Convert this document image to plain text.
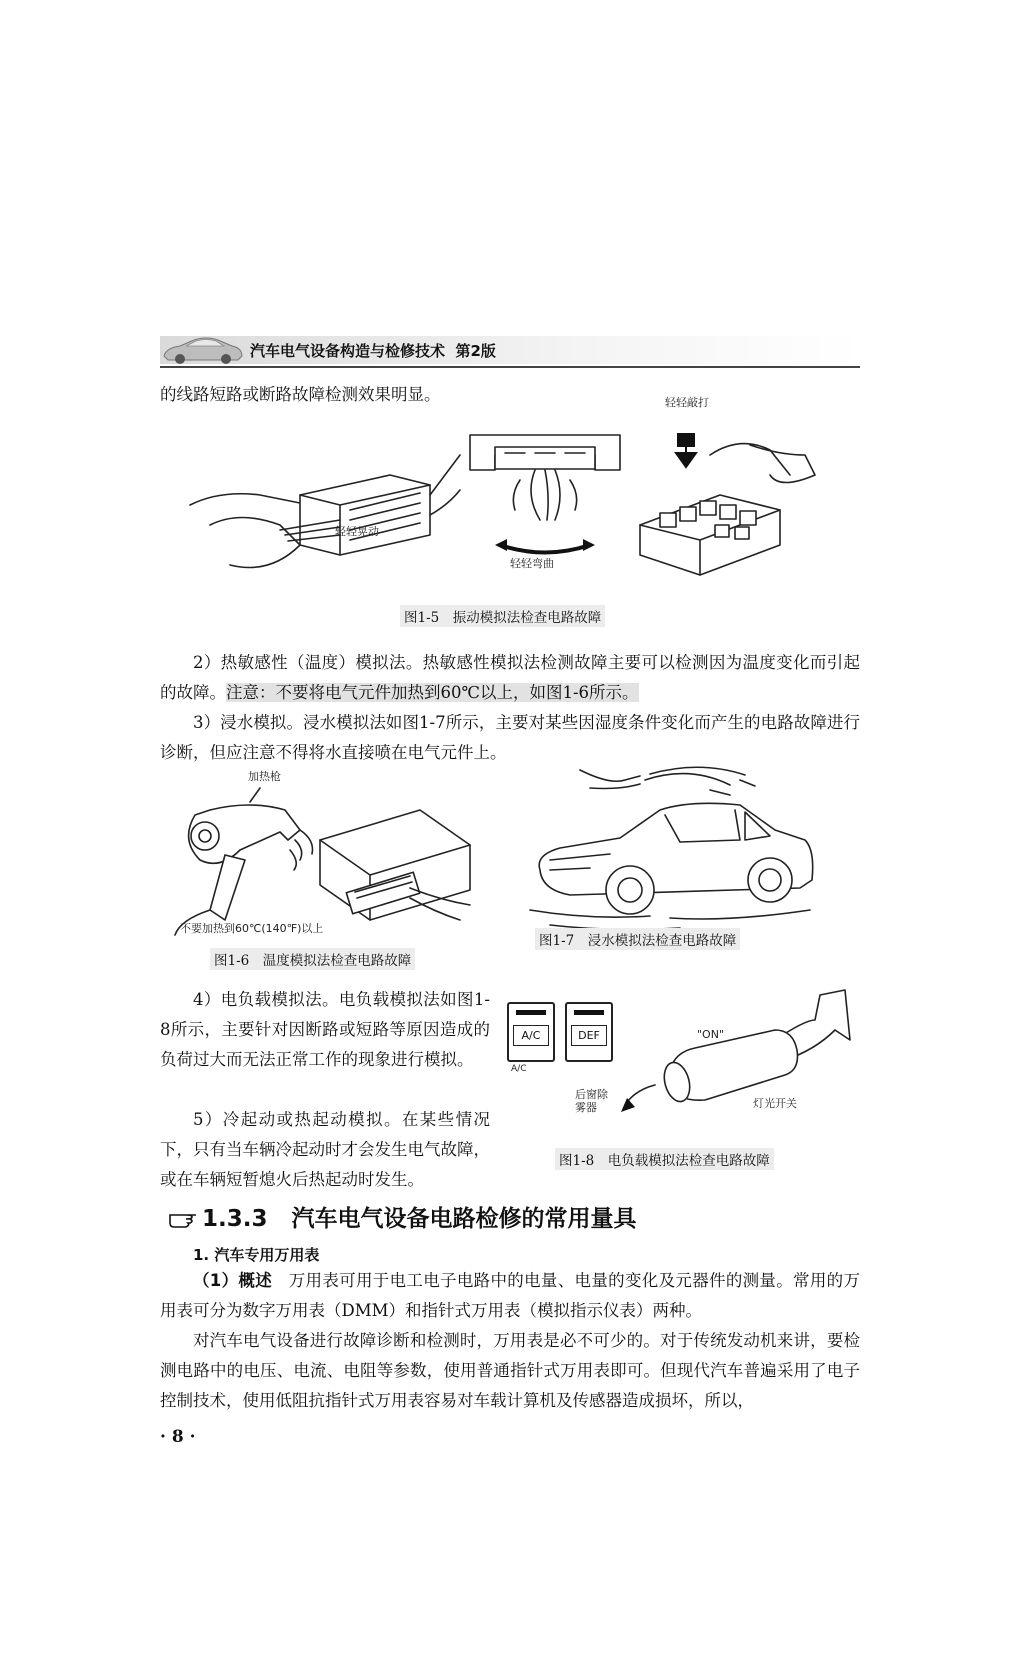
汽车电气设备构造与检修技术 第2版
的线路短路或断路故障检测效果明显。
轻轻晃动
轻轻弯曲
轻轻敲打
图1-5　振动模拟法检查电路故障
2）热敏感性（温度）模拟法。热敏感性模拟法检测故障主要可以检测因为温度变化而引起的故障。注意：不要将电气元件加热到60℃以上，如图1-6所示。
3）浸水模拟。浸水模拟法如图1-7所示，主要对某些因湿度条件变化而产生的电路故障进行诊断，但应注意不得将水直接喷在电气元件上。
加热枪
不要加热到60℃(140℉)以上
图1-6　温度模拟法检查电路故障
图1-7　浸水模拟法检查电路故障
4）电负载模拟法。电负载模拟法如图1-8所示，主要针对因断路或短路等原因造成的负荷过大而无法正常工作的现象进行模拟。
5）冷起动或热起动模拟。在某些情况下，只有当车辆冷起动时才会发生电气故障，或在车辆短暂熄火后热起动时发生。
A/C	DEF
A/C
"ON"
后窗除雾器	灯光开关
图1-8　电负载模拟法检查电路故障
1.3.3 汽车电气设备电路检修的常用量具
1. 汽车专用万用表
（1）概述 万用表可用于电工电子电路中的电量、电量的变化及元器件的测量。常用的万用表可分为数字万用表（DMM）和指针式万用表（模拟指示仪表）两种。
对汽车电气设备进行故障诊断和检测时，万用表是必不可少的。对于传统发动机来讲，要检测电路中的电压、电流、电阻等参数，使用普通指针式万用表即可。但现代汽车普遍采用了电子控制技术，使用低阻抗指针式万用表容易对车载计算机及传感器造成损坏，所以，
· 8 ·
